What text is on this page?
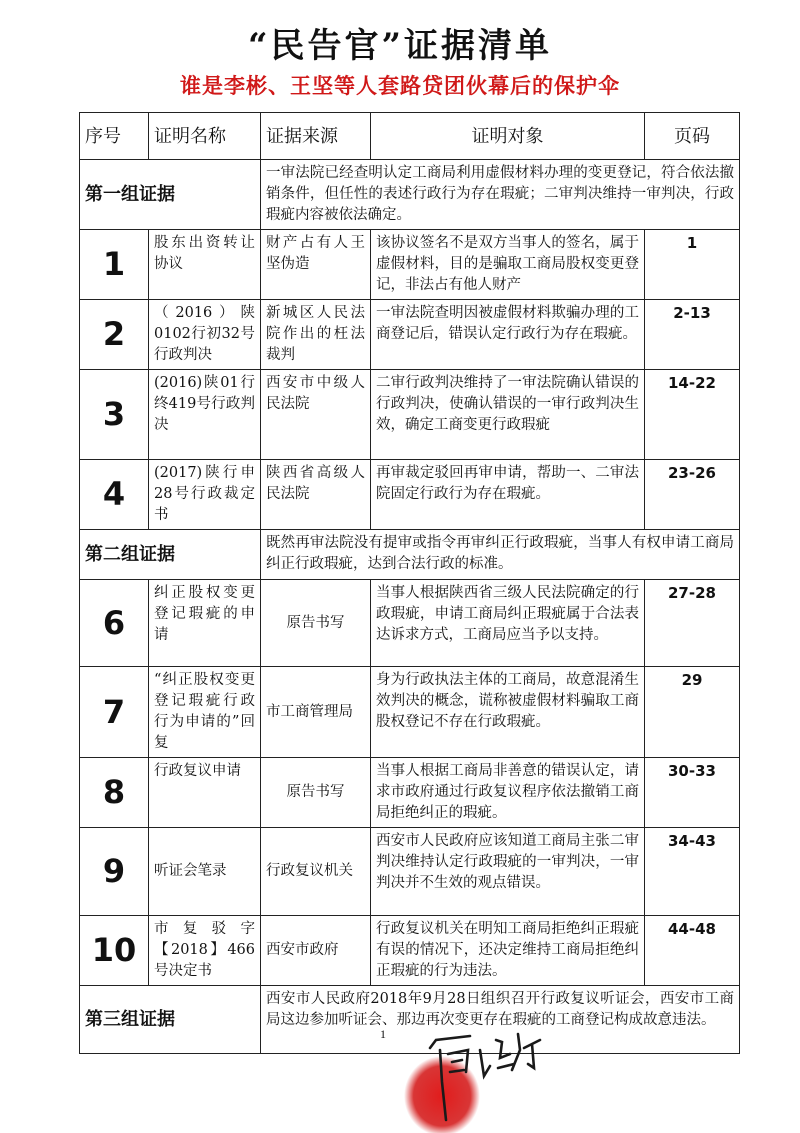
“民告官”证据清单
谁是李彬、王坚等人套路贷团伙幕后的保护伞
序号	证明名称	证据来源	证明对象	页码
第一组证据		一审法院已经查明认定工商局利用虚假材料办理的变更登记，符合依法撤销条件，但任性的表述行政行为存在瑕疵；二审判决维持一审判决，行政瑕疵内容被依法确定。		
1	股东出资转让协议	财产占有人王坚伪造	该协议签名不是双方当事人的签名，属于虚假材料，目的是骗取工商局股权变更登记，非法占有他人财产	1
2	（2016）陕0102行初32号行政判决	新城区人民法院作出的枉法裁判	一审法院查明因被虚假材料欺骗办理的工商登记后，错误认定行政行为存在瑕疵。	2-13
3	(2016)陕01行终419号行政判决	西安市中级人民法院	二审行政判决维持了一审法院确认错误的行政判决，使确认错误的一审行政判决生效，确定工商变更行政瑕疵	14-22
4	(2017)陕行申28号行政裁定书	陕西省高级人民法院	再审裁定驳回再审申请，帮助一、二审法院固定行政行为存在瑕疵。	23-26
第二组证据		既然再审法院没有提审或指令再审纠正行政瑕疵，当事人有权申请工商局纠正行政瑕疵，达到合法行政的标准。		
6	纠正股权变更登记瑕疵的申请	原告书写	当事人根据陕西省三级人民法院确定的行政瑕疵，申请工商局纠正瑕疵属于合法表达诉求方式，工商局应当予以支持。	27-28
7	“纠正股权变更登记瑕疵行政行为申请的”回复	市工商管理局	身为行政执法主体的工商局，故意混淆生效判决的概念，谎称被虚假材料骗取工商股权登记不存在行政瑕疵。	29
8	行政复议申请	原告书写	当事人根据工商局非善意的错误认定，请求市政府通过行政复议程序依法撤销工商局拒绝纠正的瑕疵。	30-33
9	听证会笔录	行政复议机关	西安市人民政府应该知道工商局主张二审判决维持认定行政瑕疵的一审判决，一审判决并不生效的观点错误。	34-43
10	市复驳字【2018】466号决定书	西安市政府	行政复议机关在明知工商局拒绝纠正瑕疵有误的情况下，还决定维持工商局拒绝纠正瑕疵的行为违法。	44-48
第三组证据		西安市人民政府2018年9月28日组织召开行政复议听证会，西安市工商局这边参加听证会、那边再次变更存在瑕疵的工商登记构成故意违法。		
1
